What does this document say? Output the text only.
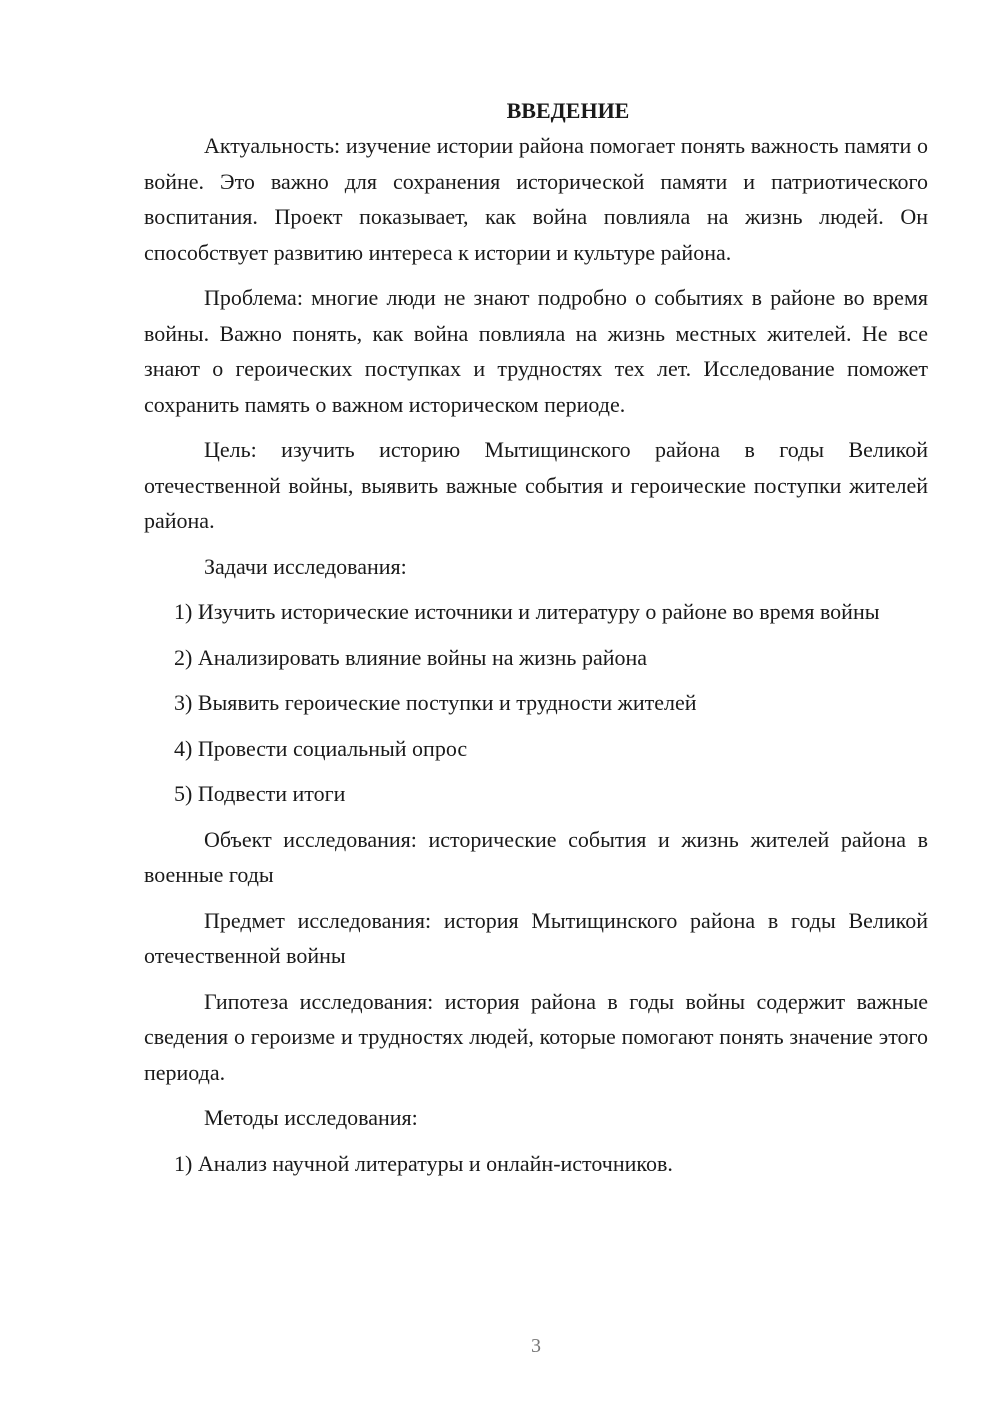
ВВЕДЕНИЕ

Актуальность: изучение истории района помогает понять важность памяти о войне. Это важно для сохранения исторической памяти и патриотического воспитания. Проект показывает, как война повлияла на жизнь людей. Он способствует развитию интереса к истории и культуре района.

Проблема: многие люди не знают подробно о событиях в районе во время войны. Важно понять, как война повлияла на жизнь местных жителей. Не все знают о героических поступках и трудностях тех лет. Исследование поможет сохранить память о важном историческом периоде.

Цель: изучить историю Мытищинского района в годы Великой отечественной войны, выявить важные события и героические поступки жителей района.

Задачи исследования:

1) Изучить исторические источники и литературу о районе во время войны

2) Анализировать влияние войны на жизнь района

3) Выявить героические поступки и трудности жителей

4) Провести социальный опрос

5) Подвести итоги

Объект исследования: исторические события и жизнь жителей района в военные годы

Предмет исследования: история Мытищинского района в годы Великой отечественной войны

Гипотеза исследования: история района в годы войны содержит важные сведения о героизме и трудностях людей, которые помогают понять значение этого периода.

Методы исследования:

1) Анализ научной литературы и онлайн-источников.

3
